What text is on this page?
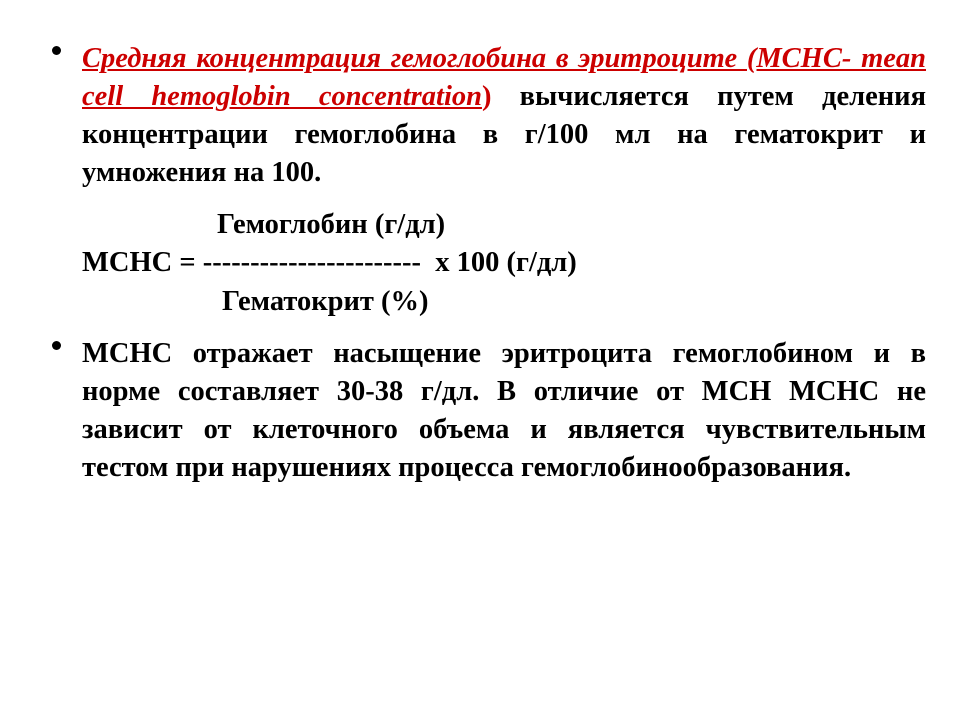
Средняя концентрация гемоглобина в эритроците (MCHC- mean cell hemoglobin concentration) вычисляется путем деления концентрации гемоглобина в г/100 мл на гематокрит и умножения на 100.

Гемоглобин (г/дл)
MCHC = -----------------------  x 100 (г/дл)
Гематокрит (%)

MCHC отражает насыщение эритроцита гемоглобином и в норме составляет 30-38 г/дл. В отличие от MCH MCHC не зависит от клеточного объема и является чувствительным тестом при нарушениях процесса гемоглобинообразования.
